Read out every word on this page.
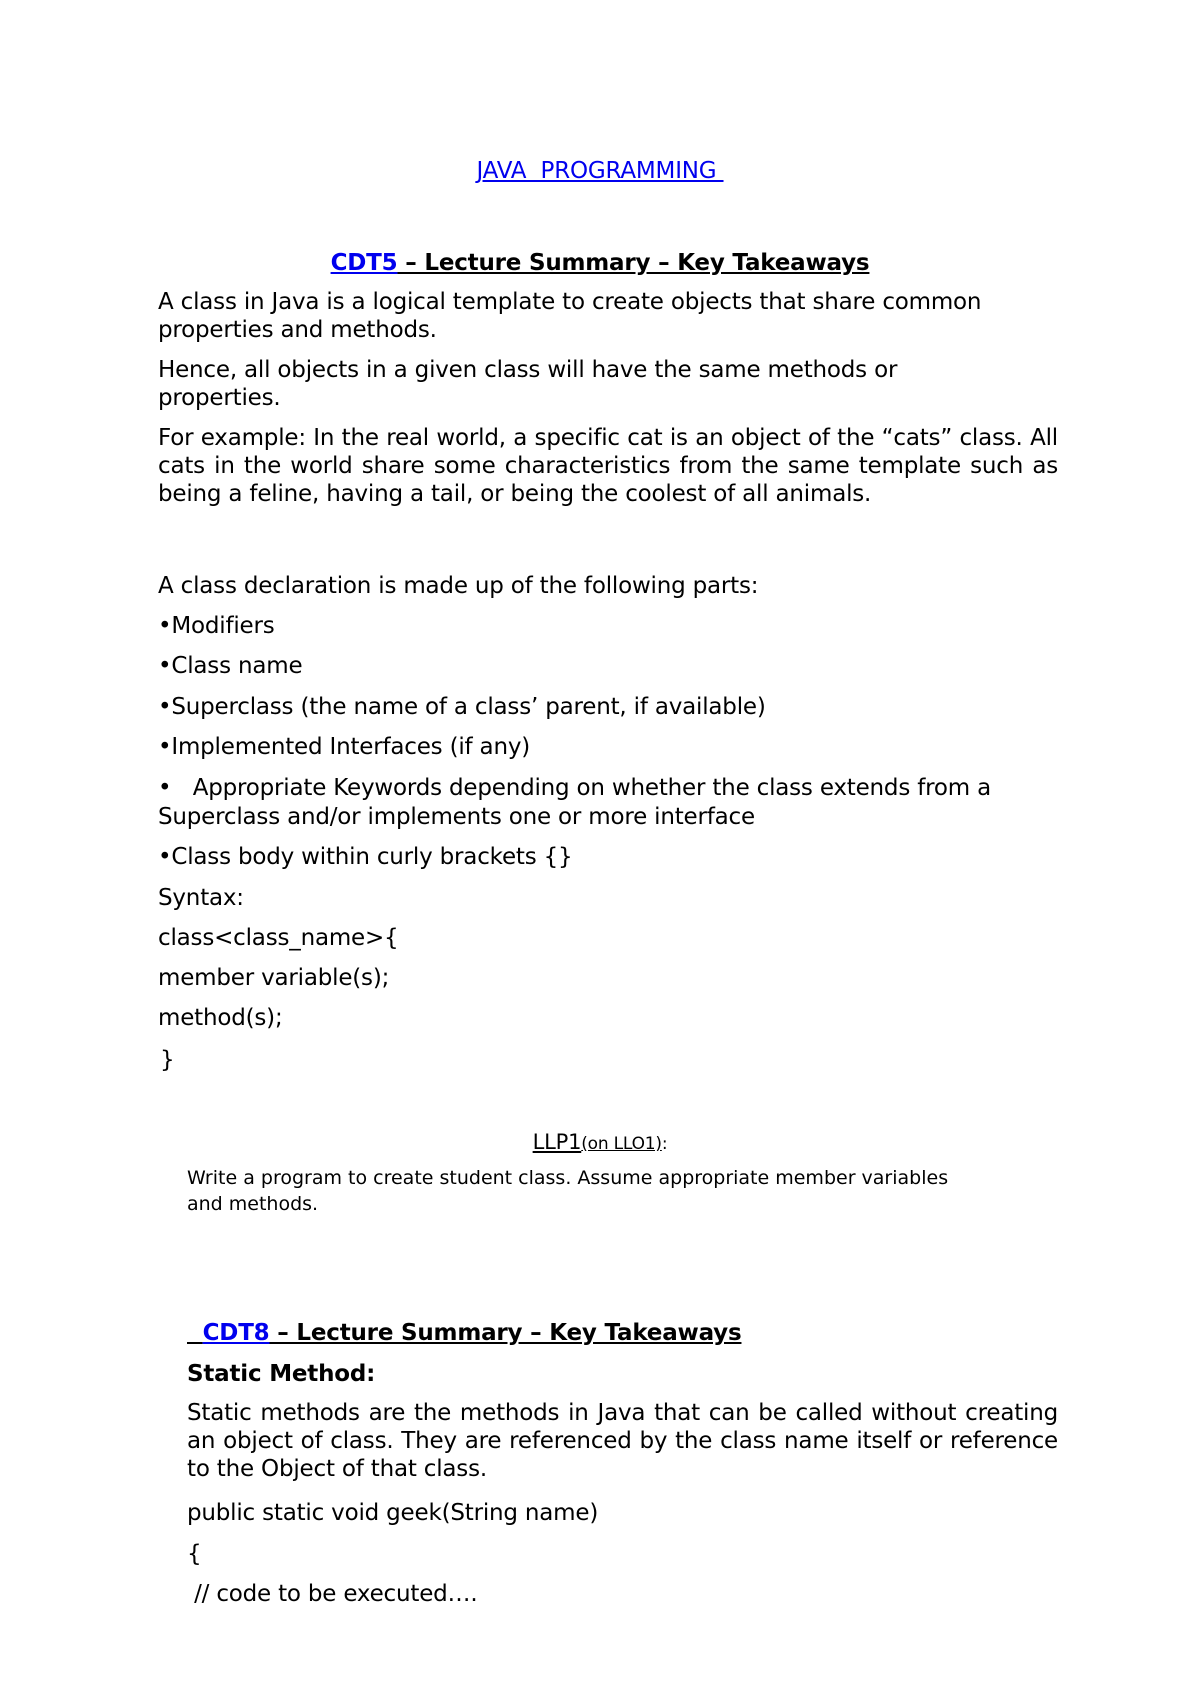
JAVA  PROGRAMMING

CDT5 – Lecture Summary – Key Takeaways

A class in Java is a logical template to create objects that share common

properties and methods.

Hence, all objects in a given class will have the same methods or

properties.

For example: In the real world, a specific cat is an object of the “cats” class. All cats in the world share some characteristics from the same template such as being a feline, having a tail, or being the coolest of all animals.

A class declaration is made up of the following parts:

•Modifiers

•Class name

•Superclass (the name of a class’ parent, if available)

•Implemented Interfaces (if any)

•   Appropriate Keywords depending on whether the class extends from a

Superclass and/or implements one or more interface

•Class body within curly brackets {}

Syntax:

class<class_name>{

member variable(s);

method(s);

}

LLP1(on LLO1):

Write a program to create student class. Assume appropriate member variables

and methods.

CDT8 – Lecture Summary – Key Takeaways

Static Method:

Static methods are the methods in Java that can be called without creating an object of class. They are referenced by the class name itself or reference to the Object of that class.

public static void geek(String name)

{

// code to be executed….
